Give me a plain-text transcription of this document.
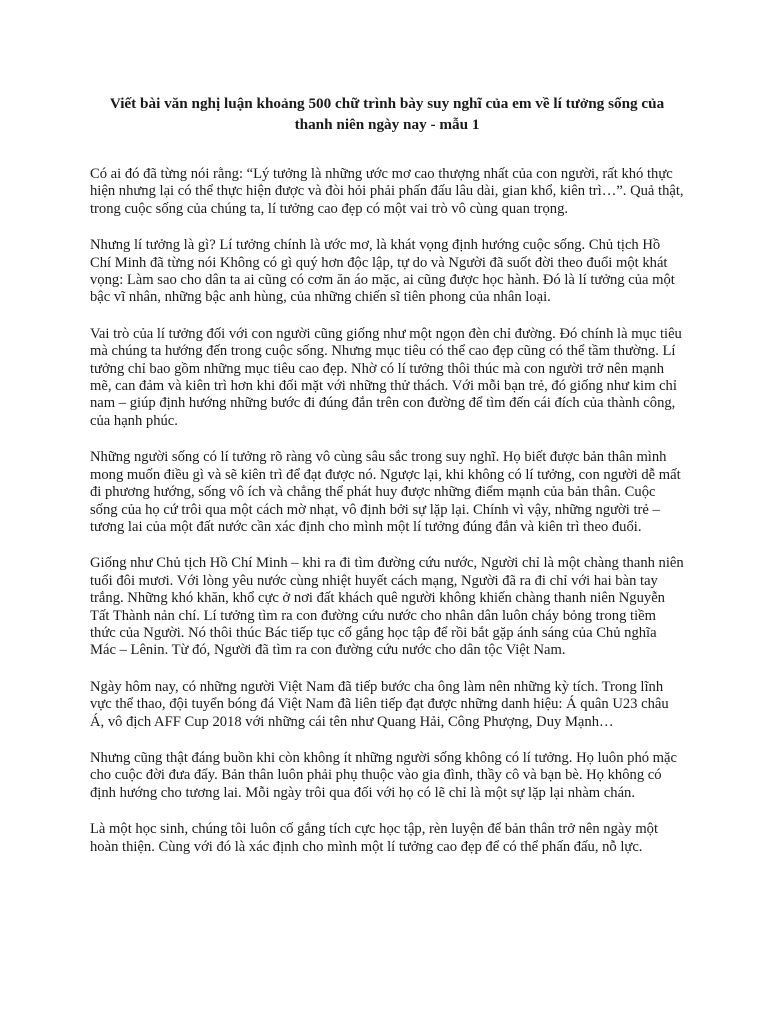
Viết bài văn nghị luận khoảng 500 chữ trình bày suy nghĩ của em về lí tưởng sống của thanh niên ngày nay - mẫu 1

Có ai đó đã từng nói rằng: “Lý tưởng là những ước mơ cao thượng nhất của con người, rất khó thực hiện nhưng lại có thể thực hiện được và đòi hỏi phải phấn đấu lâu dài, gian khổ, kiên trì…”. Quả thật, trong cuộc sống của chúng ta, lí tưởng cao đẹp có một vai trò vô cùng quan trọng.

Nhưng lí tưởng là gì? Lí tưởng chính là ước mơ, là khát vọng định hướng cuộc sống. Chủ tịch Hồ Chí Minh đã từng nói Không có gì quý hơn độc lập, tự do và Người đã suốt đời theo đuổi một khát vọng: Làm sao cho dân ta ai cũng có cơm ăn áo mặc, ai cũng được học hành. Đó là lí tưởng của một bậc vĩ nhân, những bậc anh hùng, của những chiến sĩ tiên phong của nhân loại.

Vai trò của lí tưởng đối với con người cũng giống như một ngọn đèn chỉ đường. Đó chính là mục tiêu mà chúng ta hướng đến trong cuộc sống. Nhưng mục tiêu có thể cao đẹp cũng có thể tầm thường. Lí tưởng chỉ bao gồm những mục tiêu cao đẹp. Nhờ có lí tưởng thôi thúc mà con người trở nên mạnh mẽ, can đảm và kiên trì hơn khi đối mặt với những thử thách. Với mỗi bạn trẻ, đó giống như kim chỉ nam – giúp định hướng những bước đi đúng đắn trên con đường để tìm đến cái đích của thành công, của hạnh phúc.

Những người sống có lí tưởng rõ ràng vô cùng sâu sắc trong suy nghĩ. Họ biết được bản thân mình mong muốn điều gì và sẽ kiên trì để đạt được nó. Ngược lại, khi không có lí tưởng, con người dễ mất đi phương hướng, sống vô ích và chẳng thể phát huy được những điểm mạnh của bản thân. Cuộc sống của họ cứ trôi qua một cách mờ nhạt, vô định bởi sự lặp lại. Chính vì vậy, những người trẻ – tương lai của một đất nước cần xác định cho mình một lí tưởng đúng đắn và kiên trì theo đuổi.

Giống như Chủ tịch Hồ Chí Minh – khi ra đi tìm đường cứu nước, Người chỉ là một chàng thanh niên tuổi đôi mươi. Với lòng yêu nước cùng nhiệt huyết cách mạng, Người đã ra đi chỉ với hai bàn tay trắng. Những khó khăn, khổ cực ở nơi đất khách quê người không khiến chàng thanh niên Nguyễn Tất Thành nản chí. Lí tưởng tìm ra con đường cứu nước cho nhân dân luôn cháy bỏng trong tiềm thức của Người. Nó thôi thúc Bác tiếp tục cố gắng học tập để rồi bắt gặp ánh sáng của Chủ nghĩa Mác – Lênin. Từ đó, Người đã tìm ra con đường cứu nước cho dân tộc Việt Nam.

Ngày hôm nay, có những người Việt Nam đã tiếp bước cha ông làm nên những kỳ tích. Trong lĩnh vực thể thao, đội tuyển bóng đá Việt Nam đã liên tiếp đạt được những danh hiệu: Á quân U23 châu Á, vô địch AFF Cup 2018 với những cái tên như Quang Hải, Công Phượng, Duy Mạnh…

Nhưng cũng thật đáng buồn khi còn không ít những người sống không có lí tưởng. Họ luôn phó mặc cho cuộc đời đưa đẩy. Bản thân luôn phải phụ thuộc vào gia đình, thầy cô và bạn bè. Họ không có định hướng cho tương lai. Mỗi ngày trôi qua đối với họ có lẽ chỉ là một sự lặp lại nhàm chán.

Là một học sinh, chúng tôi luôn cố gắng tích cực học tập, rèn luyện để bản thân trở nên ngày một hoàn thiện. Cùng với đó là xác định cho mình một lí tưởng cao đẹp để có thể phấn đấu, nỗ lực.
